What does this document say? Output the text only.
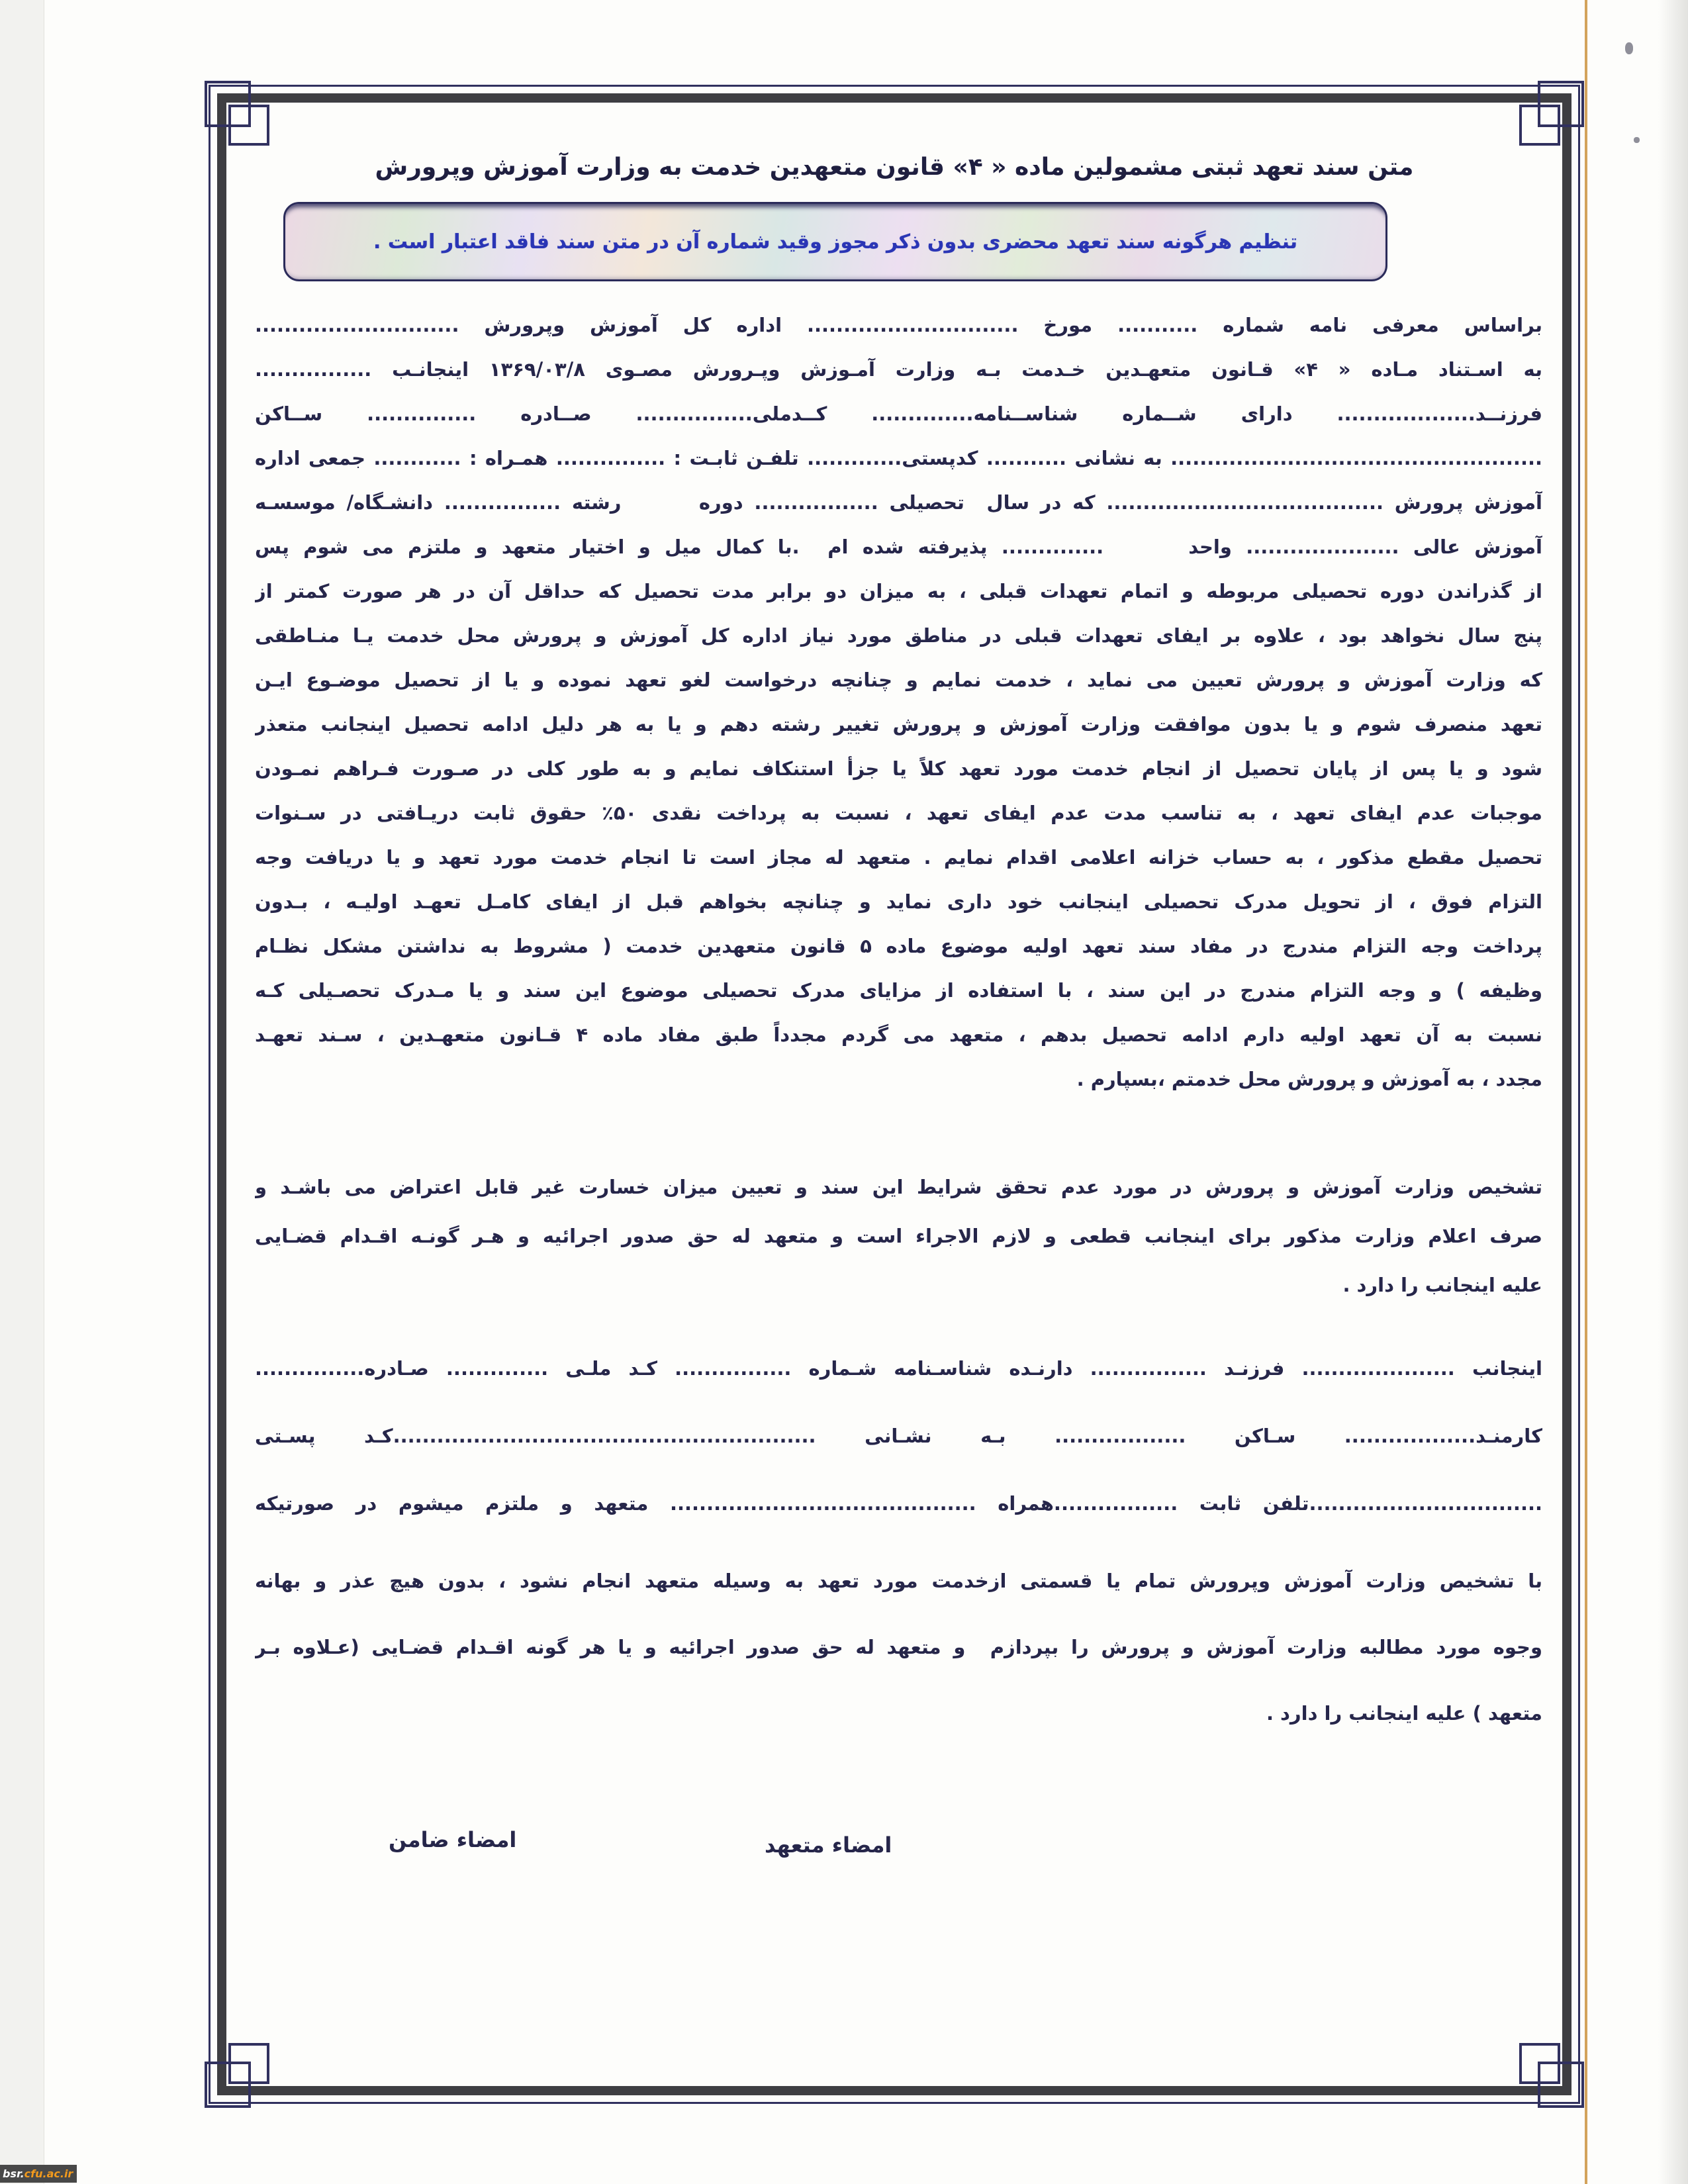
متن سند تعهد ثبتی مشمولین ماده « ۴» قانون متعهدین خدمت به وزارت آموزش وپرورش
تنظیم هرگونه سند تعهد محضری بدون ذکر مجوز وقید شماره آن در متن سند فاقد اعتبار است .
براساس معرفی نامه شماره ........... مورخ ............................. اداره کل آموزش وپرورش ............................
به اسـتناد مـاده « ۴» قـانون متعهـدین خـدمت بـه وزارت آمـوزش وپـرورش مصـوی ۱۳۶۹/۰۳/۸ اینجانـب ................
فرزنــد................... دارای شــماره شناســنامه.............. کــدملی................ صــادره ............... ســاکن
................................................... به نشانی ........... کدپستی............. تلفـن ثابـت : ............... همـراه : ............ جمعی اداره
آموزش پرورش ...................................... که در سال  تحصیلی ................. دوره       رشته ................ دانشـگاه/ موسسـه
آموزش عالی ..................... واحد      .............. پذیرفته شده ام  .با کمال میل و اختیار متعهد و ملتزم می شوم پس
از گذراندن دوره تحصیلی مربوطه و اتمام تعهدات قبلی ، به میزان دو برابر مدت تحصیل که حداقل آن در هر صورت کمتر از
پنج سال نخواهد بود ، علاوه بر ایفای تعهدات قبلی در مناطق مورد نیاز اداره کل آموزش و پرورش محل خدمت یـا منـاطقی
که وزارت آموزش و پرورش تعیین می نماید ، خدمت نمایم و چنانچه درخواست لغو تعهد نموده و یا از تحصیل موضـوع ایـن
تعهد منصرف شوم و یا بدون موافقت وزارت آموزش و پرورش تغییر رشته دهم و یا به هر دلیل ادامه تحصیل اینجانب متعذر
شود و یا پس از پایان تحصیل از انجام خدمت مورد تعهد کلاً یا جزأ استنکاف نمایم و به طور کلی در صـورت فـراهم نمـودن
موجبات عدم ایفای تعهد ، به تناسب مدت عدم ایفای تعهد ، نسبت به پرداخت نقدی ۵۰٪ حقوق ثابت دریـافتی در سـنوات
تحصیل مقطع مذکور ، به حساب خزانه اعلامی اقدام نمایم . متعهد له مجاز است تا انجام خدمت مورد تعهد و یا دریافت وجه
التزام فوق ، از تحویل مدرک تحصیلی اینجانب خود داری نماید و چنانچه بخواهم قبل از ایفای کامـل تعهـد اولیـه ، بـدون
پرداخت وجه التزام مندرج در مفاد سند تعهد اولیه موضوع ماده ۵ قانون متعهدین خدمت ( مشروط به نداشتن مشکل نظـام
وظیفه ) و وجه التزام مندرج در این سند ، با استفاده از مزایای مدرک تحصیلی موضوع این سند و یا مـدرک تحصـیلی کـه
نسبت به آن تعهد اولیه دارم ادامه تحصیل بدهم ، متعهد می گردم مجدداً طبق مفاد ماده ۴ قـانون متعهـدین ، سـند تعهـد
مجدد ، به آموزش و پرورش محل خدمتم ،بسپارم .
تشخیص وزارت آموزش و پرورش در مورد عدم تحقق شرایط این سند و تعیین میزان خسارت غیر قابل اعتراض می باشـد و
صرف اعلام وزارت مذکور برای اینجانب قطعی و لازم الاجراء است و متعهد له حق صدور اجرائیه و هـر گونـه اقـدام قضـایی
علیه اینجانب را دارد .
اینجانب ..................... فرزنـد ................ دارنـده شناسـنامه شـماره ................ کـد ملـی .............. صـادره...............
کارمنـد.................. سـاکن .................. بـه نشـانی ..........................................................کـد پسـتی
................................تلفن ثابت .................همراه .......................................... متعهد و ملتزم میشوم در صورتیکه
با تشخیص وزارت آموزش وپرورش تمام یا قسمتی ازخدمت مورد تعهد به وسیله متعهد انجام نشود ، بدون هیچ عذر و بهانه
وجوه مورد مطالبه وزارت آموزش و پرورش را بپردازم  و متعهد له حق صدور اجرائیه و یا هر گونه اقـدام قضـایی (عـلاوه بـر
متعهد ) علیه اینجانب را دارد .
امضاء متعهد
امضاء ضامن
bsr. cfu.ac.ir
